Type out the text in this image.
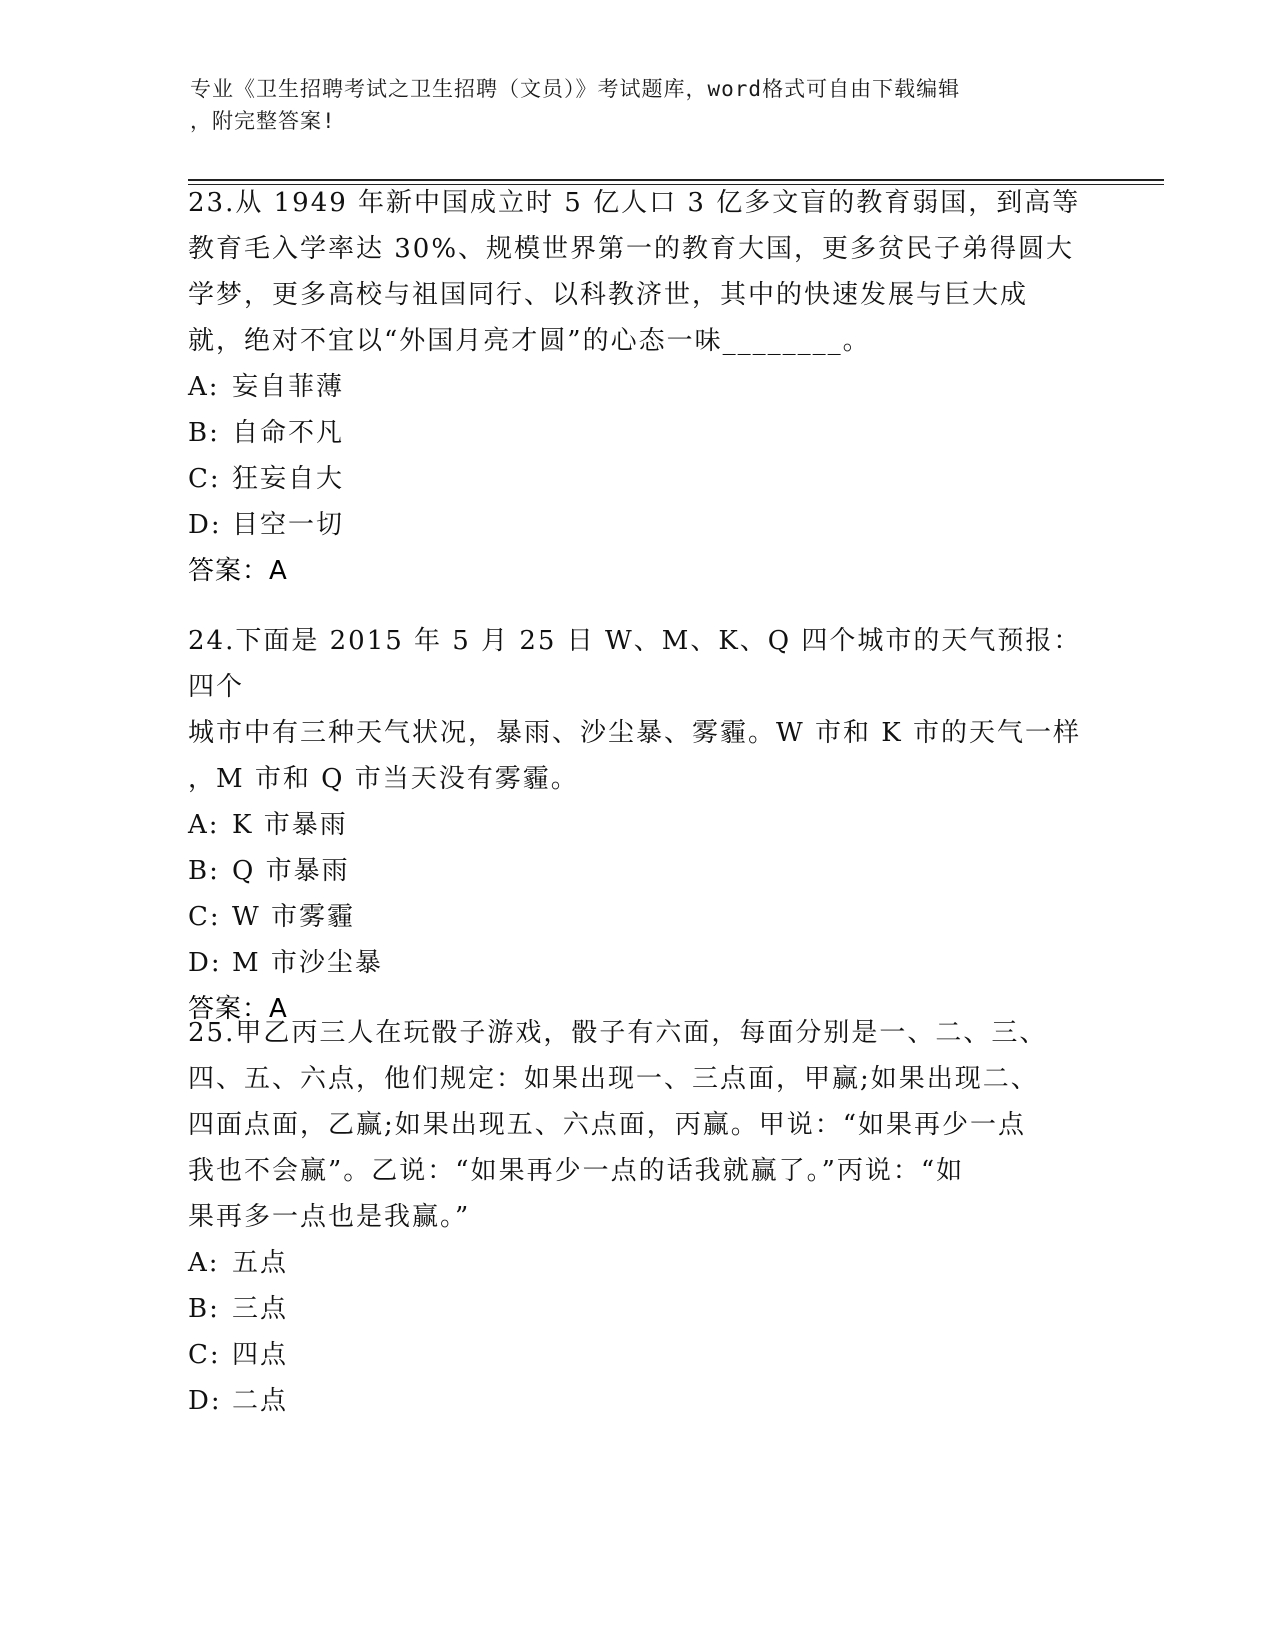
专业《卫生招聘考试之卫生招聘（文员）》考试题库，word格式可自由下载编辑
，附完整答案!

23.从 1949 年新中国成立时 5 亿人口 3 亿多文盲的教育弱国，到高等

教育毛入学率达 30%、规模世界第一的教育大国，更多贫民子弟得圆大

学梦，更多高校与祖国同行、以科教济世，其中的快速发展与巨大成

就，绝对不宜以“外国月亮才圆”的心态一味________。

A: 妄自菲薄

B: 自命不凡

C: 狂妄自大

D: 目空一切

答案：A

24.下面是 2015 年 5 月 25 日 W、M、K、Q 四个城市的天气预报：四个

城市中有三种天气状况，暴雨、沙尘暴、雾霾。W 市和 K 市的天气一样

，M 市和 Q 市当天没有雾霾。

A: K 市暴雨

B: Q 市暴雨

C: W 市雾霾

D: M 市沙尘暴

答案：A

25.甲乙丙三人在玩骰子游戏，骰子有六面，每面分别是一、二、三、

四、五、六点，他们规定：如果出现一、三点面，甲赢;如果出现二、

四面点面，乙赢;如果出现五、六点面，丙赢。甲说：“如果再少一点

我也不会赢”。乙说：“如果再少一点的话我就赢了。”丙说：“如

果再多一点也是我赢。”

A: 五点

B: 三点

C: 四点

D: 二点
